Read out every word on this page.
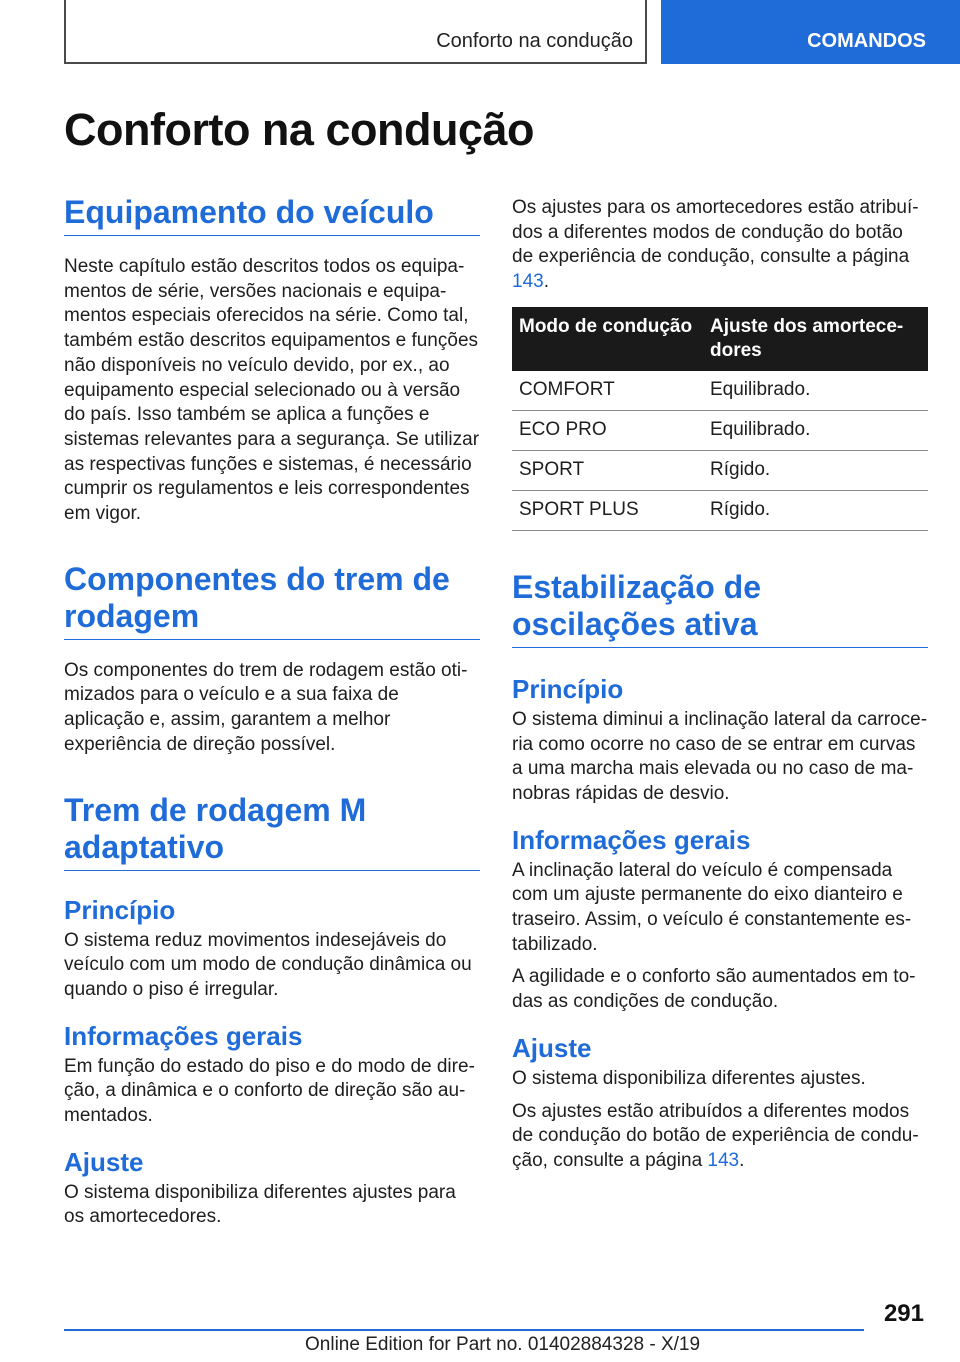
Conforto na condução	COMANDOS
Conforto na condução
Equipamento do veículo

Neste capítulo estão descritos todos os equipamentos de série, versões nacionais e equipamentos especiais oferecidos na série. Como tal, também estão descritos equipamentos e funções não disponíveis no veículo devido, por ex., ao equipamento especial selecionado ou à versão do país. Isso também se aplica a funções e sistemas relevantes para a segurança. Se utilizar as respectivas funções e sistemas, é necessário cumprir os regulamentos e leis correspondentes em vigor.

Componentes do trem de rodagem

Os componentes do trem de rodagem estão otimizados para o veículo e a sua faixa de aplicação e, assim, garantem a melhor experiência de direção possível.

Trem de rodagem M adaptativo
Princípio

O sistema reduz movimentos indesejáveis do veículo com um modo de condução dinâmica ou quando o piso é irregular.

Informações gerais

Em função do estado do piso e do modo de direção, a dinâmica e o conforto de direção são aumentados.

Ajuste

O sistema disponibiliza diferentes ajustes para os amortecedores.

Os ajustes para os amortecedores estão atribuídos a diferentes modos de condução do botão de experiência de condução, consulte a página 143.

Modo de condução	Ajuste dos amortecedores
COMFORT	Equilibrado.
ECO PRO	Equilibrado.
SPORT	Rígido.
SPORT PLUS	Rígido.
Estabilização de oscilações ativa
Princípio

O sistema diminui a inclinação lateral da carroceria como ocorre no caso de se entrar em curvas a uma marcha mais elevada ou no caso de manobras rápidas de desvio.

Informações gerais

A inclinação lateral do veículo é compensada com um ajuste permanente do eixo dianteiro e traseiro. Assim, o veículo é constantemente estabilizado.

A agilidade e o conforto são aumentados em todas as condições de condução.

Ajuste

O sistema disponibiliza diferentes ajustes.

Os ajustes estão atribuídos a diferentes modos de condução do botão de experiência de condução, consulte a página 143.

291
Online Edition for Part no. 01402884328 - X/19
